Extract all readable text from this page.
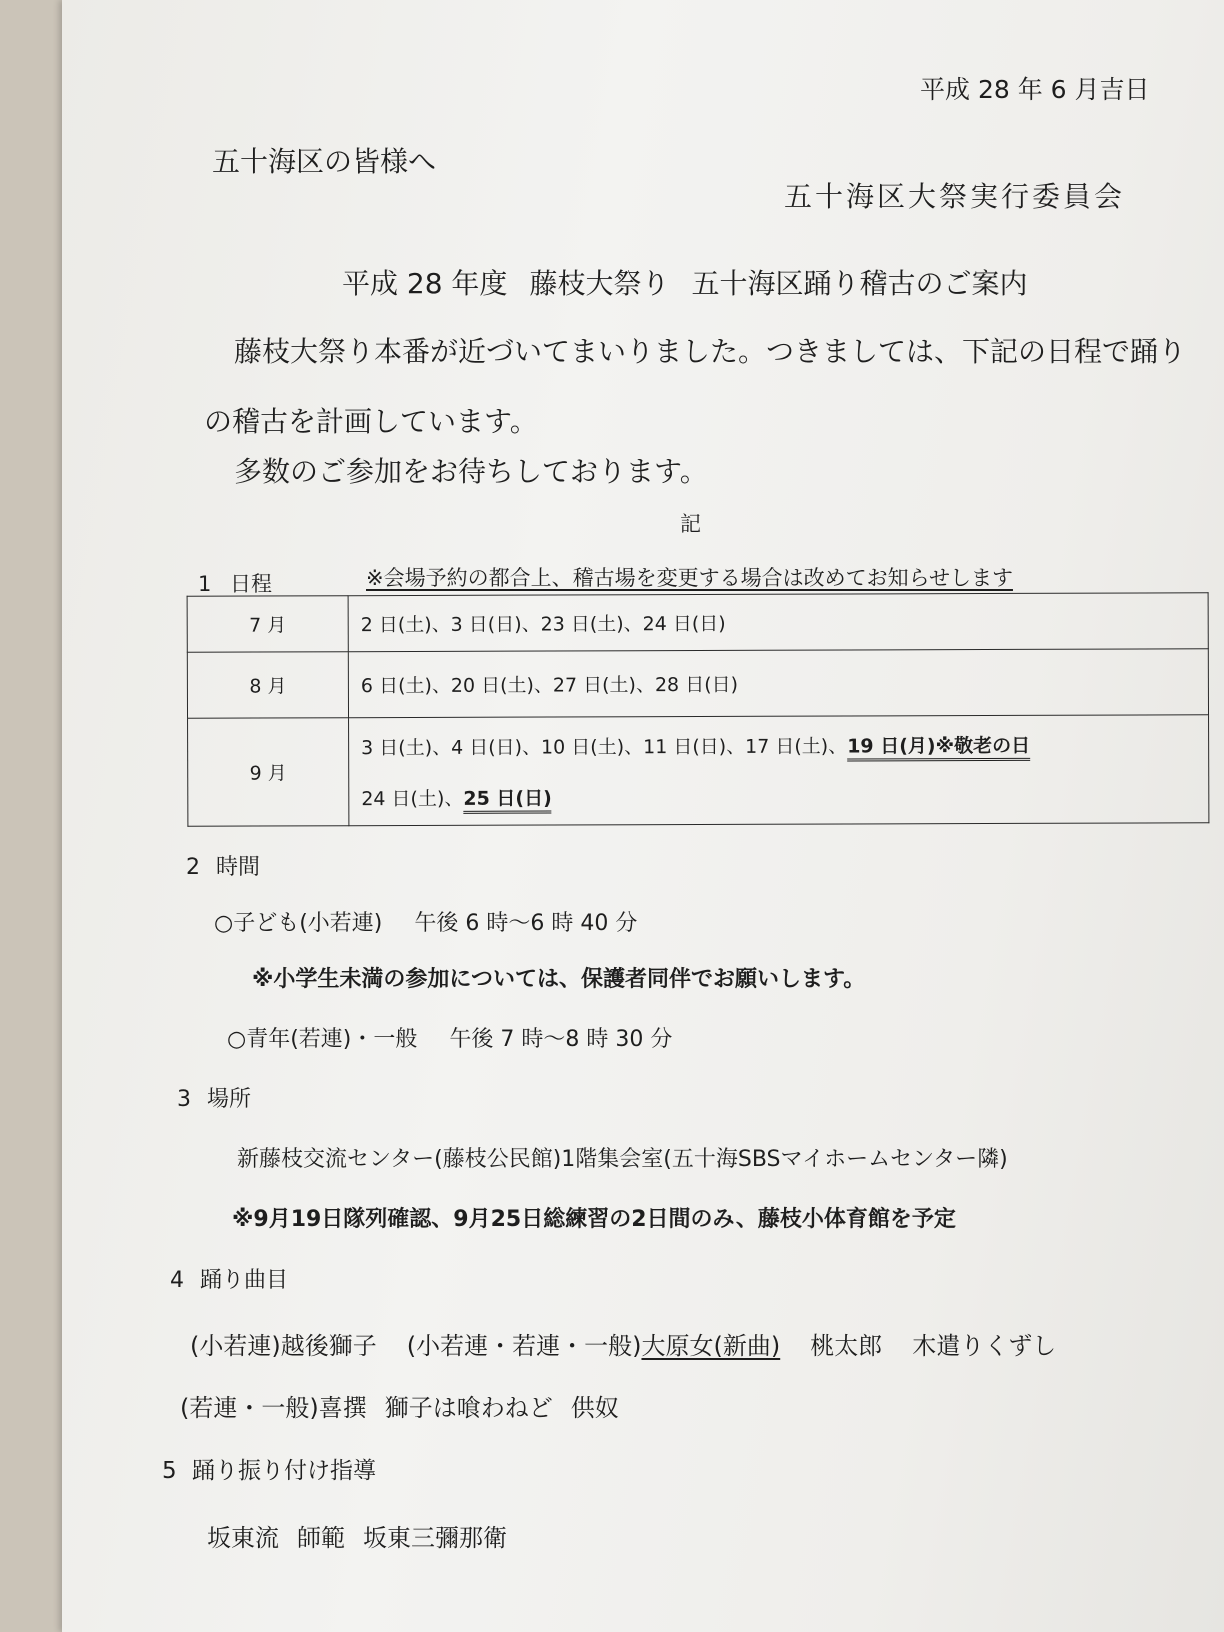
平成 28 年 6 月吉日
五十海区の皆様へ
五十海区大祭実行委員会
平成 28 年度 藤枝大祭り 五十海区踊り稽古のご案内
藤枝大祭り本番が近づいてまいりました。つきましては、下記の日程で踊り
の稽古を計画しています。
多数のご参加をお待ちしております。
記
1 日程	※会場予約の都合上、稽古場を変更する場合は改めてお知らせします
7 月	2 日(土)、3 日(日)、23 日(土)、24 日(日)
8 月	6 日(土)、20 日(土)、27 日(土)、28 日(日)
9 月	3 日(土)、4 日(日)、10 日(土)、11 日(日)、17 日(土)、19 日(月)※敬老の日
24 日(土)、25 日(日)
2 時間
○子ども(小若連) 午後 6 時〜6 時 40 分
※小学生未満の参加については、保護者同伴でお願いします。
○青年(若連)・一般 午後 7 時〜8 時 30 分
3 場所
新藤枝交流センター(藤枝公民館)1階集会室(五十海SBSマイホームセンター隣)
※9月19日隊列確認、9月25日総練習の2日間のみ、藤枝小体育館を予定
4 踊り曲目
(小若連)越後獅子 (小若連・若連・一般)大原女(新曲) 桃太郎 木遣りくずし
(若連・一般)喜撰 獅子は喰わねど 供奴
5 踊り振り付け指導
坂東流 師範 坂東三彌那衛
